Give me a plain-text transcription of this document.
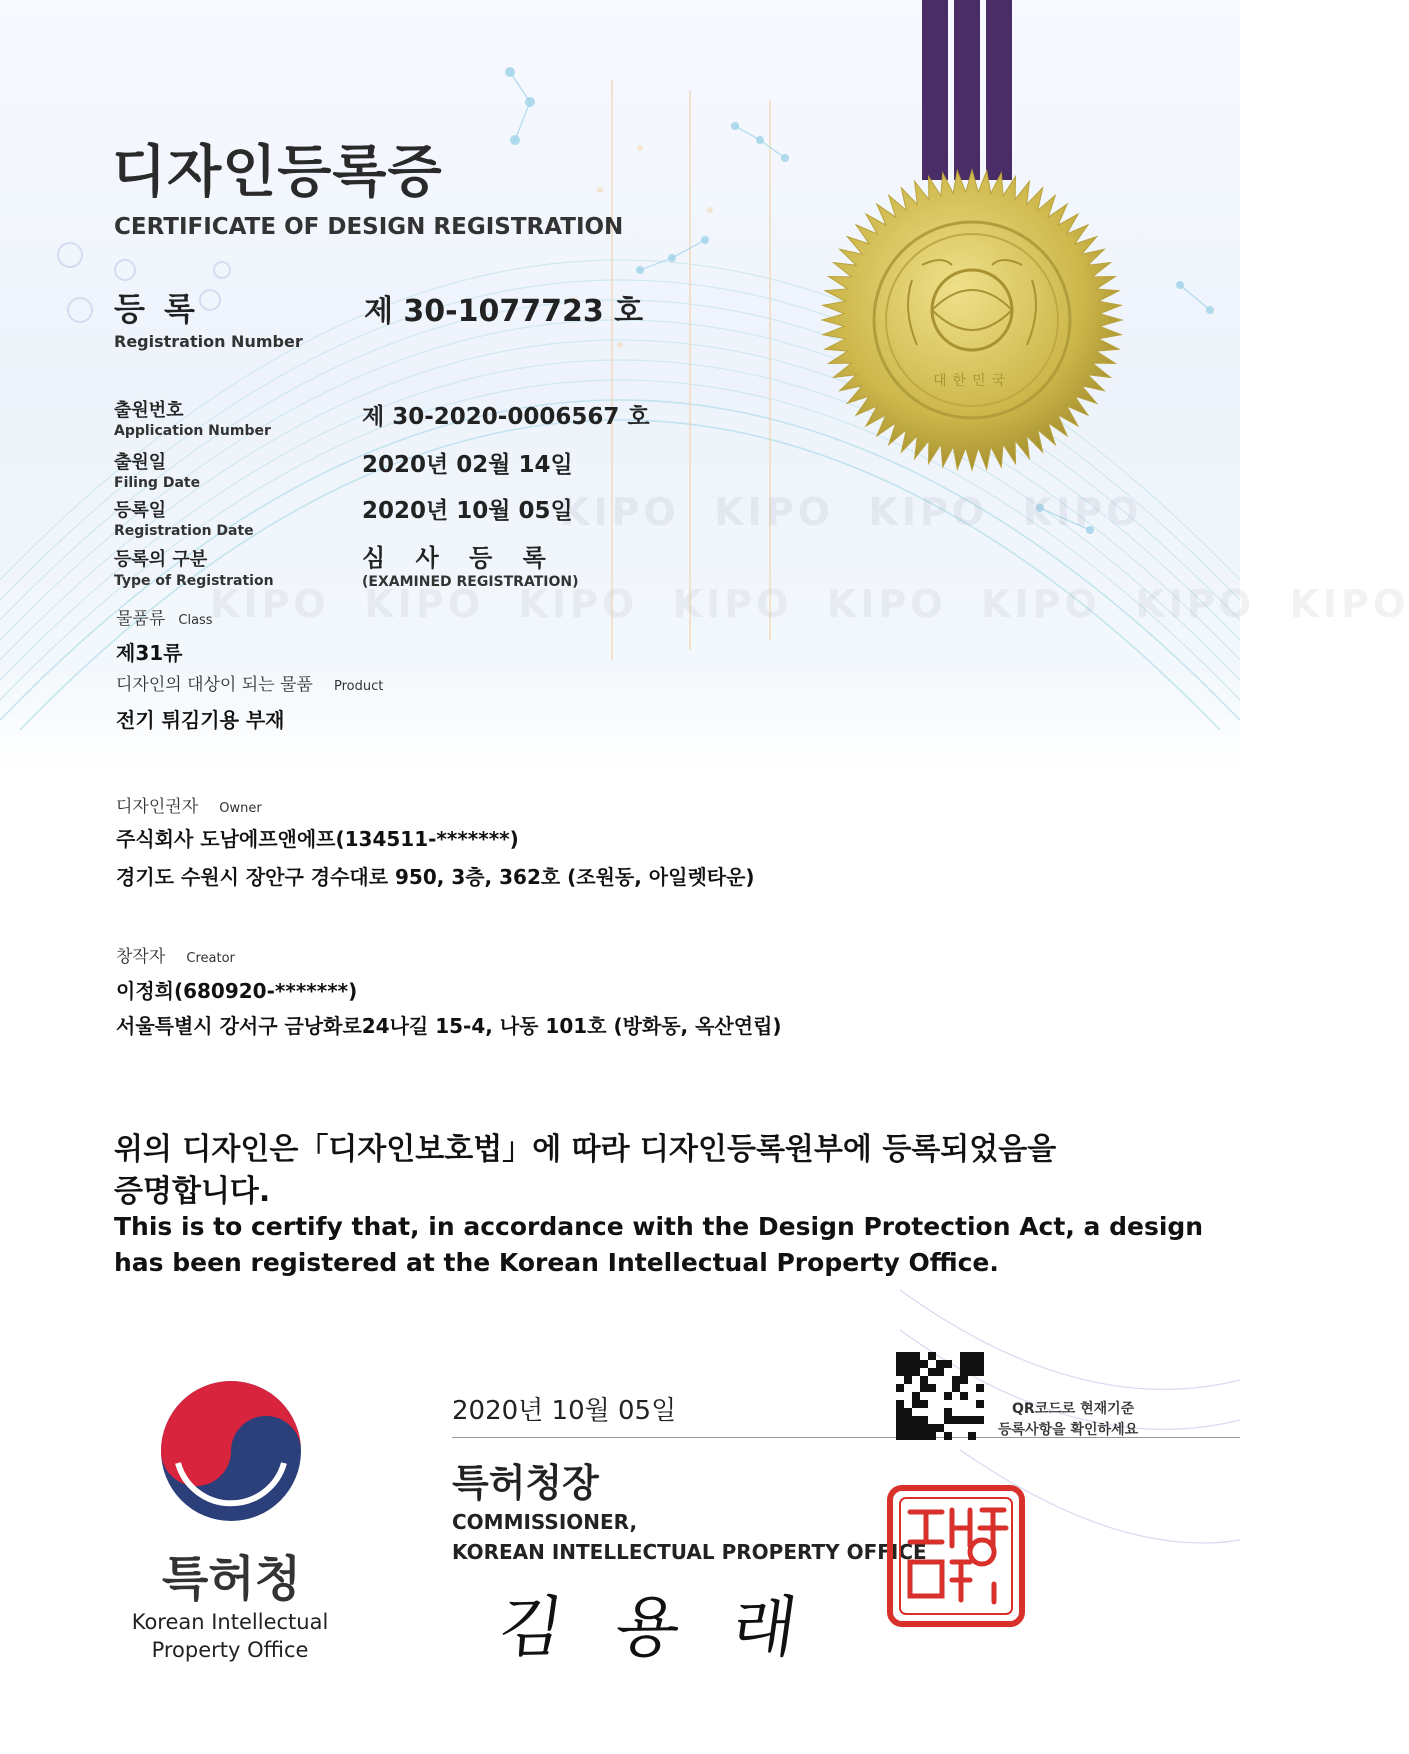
KIPO KIPO KIPO KIPO
KIPO KIPO KIPO KIPO KIPO KIPO KIPO KIPO
대한민국
디자인등록증
CERTIFICATE OF DESIGN REGISTRATION
등 록
Registration Number
제 30-1077723 호
출원번호
Application Number
제 30-2020-0006567 호
출원일
Filing Date
2020년 02월 14일
등록일
Registration Date
2020년 10월 05일
등록의 구분
Type of Registration
심 사 등 록
(EXAMINED REGISTRATION)
물품류 Class
제31류
디자인의 대상이 되는 물품 Product
전기 튀김기용 부재
디자인권자 Owner
주식회사 도남에프앤에프(134511-*******)
경기도 수원시 장안구 경수대로 950, 3층, 362호 (조원동, 아일렛타운)
창작자 Creator
이정희(680920-*******)
서울특별시 강서구 금낭화로24나길 15-4, 나동 101호 (방화동, 옥산연립)
위의 디자인은「디자인보호법」에 따라 디자인등록원부에 등록되었음을
증명합니다.
This is to certify that, in accordance with the Design Protection Act, a design
has been registered at the Korean Intellectual Property Office.
특허청
Korean Intellectual
Property Office
2020년 10월 05일
특허청장
COMMISSIONER,
KOREAN INTELLECTUAL PROPERTY OFFICE
김 용 래
QR코드로 현재기준
등록사항을 확인하세요
특허청장인
